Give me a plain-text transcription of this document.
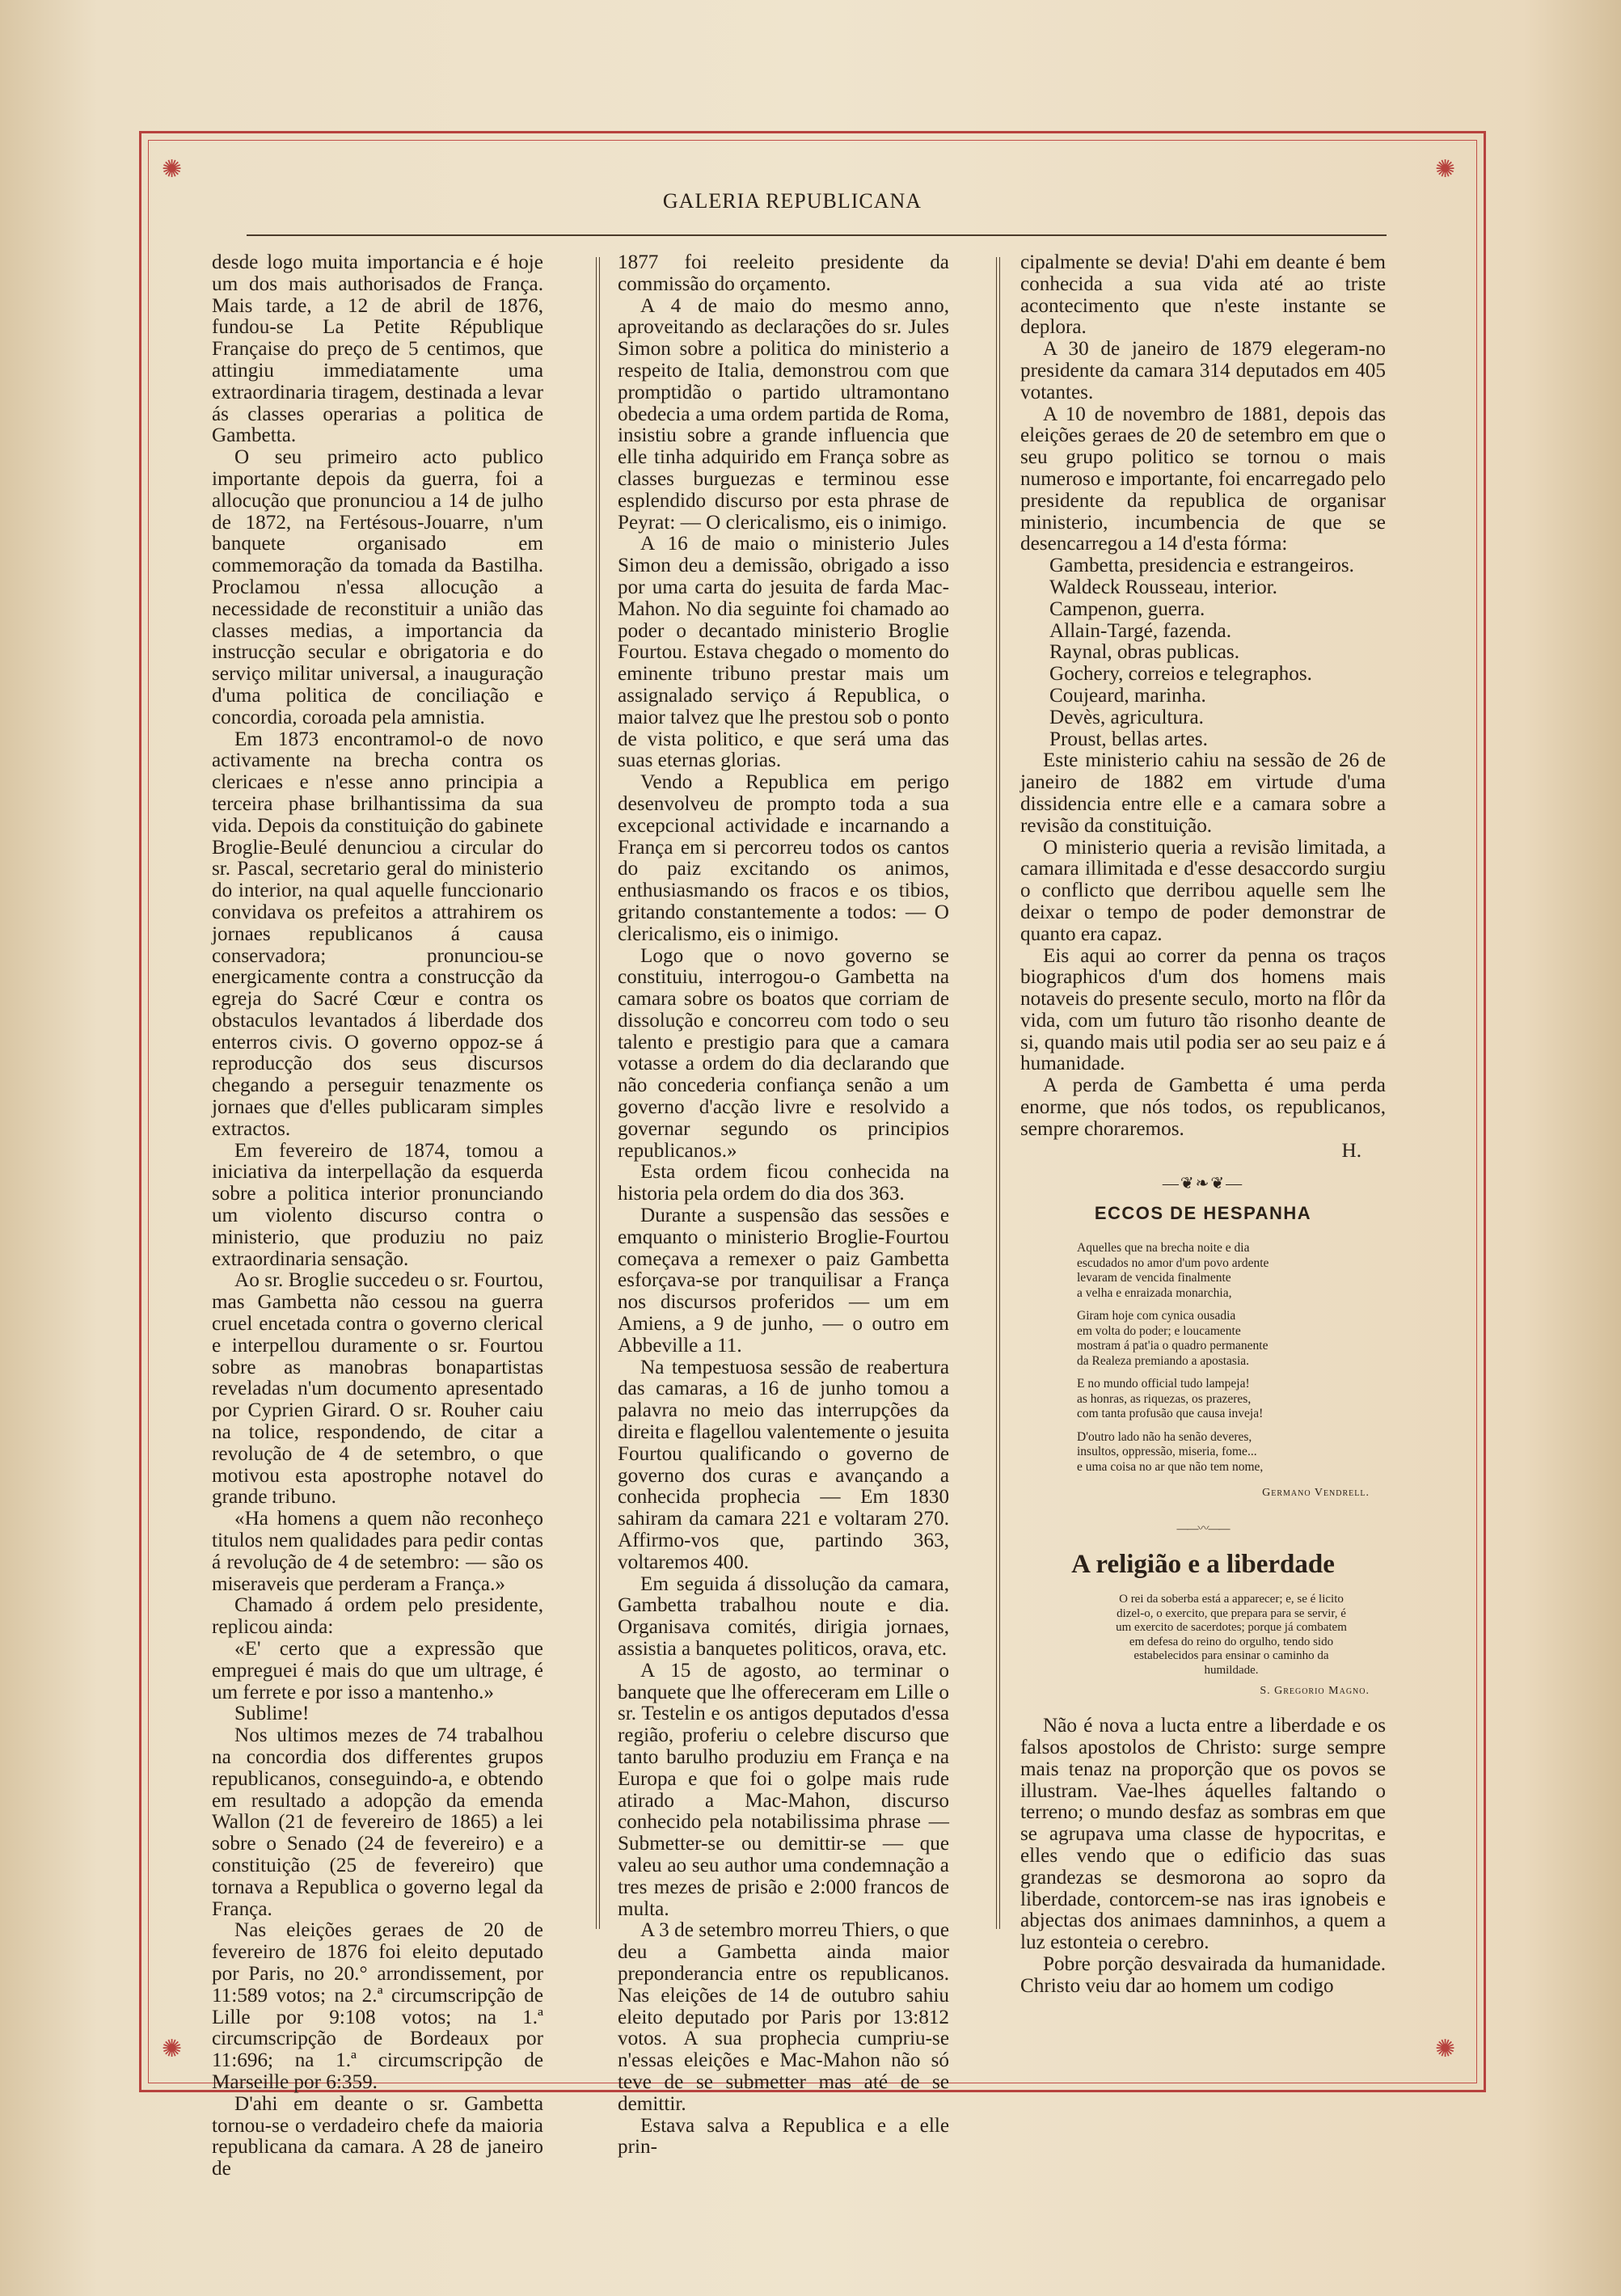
✺	✺
✺	✺
GALERIA REPUBLICANA

desde logo muita importancia e é hoje um dos mais authorisados de França. Mais tarde, a 12 de abril de 1876, fundou-se La Petite République Française do preço de 5 centimos, que attingiu immediatamente uma extraordinaria tiragem, destinada a levar ás classes operarias a politica de Gambetta.

O seu primeiro acto publico importante depois da guerra, foi a allocução que pronunciou a 14 de julho de 1872, na Fertésous-Jouarre, n'um banquete organisado em commemoração da tomada da Bastilha. Proclamou n'essa allocução a necessidade de reconstituir a união das classes medias, a importancia da instrucção secular e obrigatoria e do serviço militar universal, a inauguração d'uma politica de conciliação e concordia, coroada pela amnistia.

Em 1873 encontramol-o de novo activamente na brecha contra os clericaes e n'esse anno principia a terceira phase brilhantissima da sua vida. Depois da constituição do gabinete Broglie-Beulé denunciou a circular do sr. Pascal, secretario geral do ministerio do interior, na qual aquelle funccionario convidava os prefeitos a attrahirem os jornaes republicanos á causa conservadora; pronunciou-se energicamente contra a construcção da egreja do Sacré Cœur e contra os obstaculos levantados á liberdade dos enterros civis. O governo oppoz-se á reproducção dos seus discursos chegando a perseguir tenazmente os jornaes que d'elles publicaram simples extractos.

Em fevereiro de 1874, tomou a iniciativa da interpellação da esquerda sobre a politica interior pronunciando um violento discurso contra o ministerio, que produziu no paiz extraordinaria sensação.

Ao sr. Broglie succedeu o sr. Fourtou, mas Gambetta não cessou na guerra cruel encetada contra o governo clerical e interpellou duramente o sr. Fourtou sobre as manobras bonapartistas reveladas n'um documento apresentado por Cyprien Girard. O sr. Rouher caiu na tolice, respondendo, de citar a revolução de 4 de setembro, o que motivou esta apostrophe notavel do grande tribuno.

«Ha homens a quem não reconheço titulos nem qualidades para pedir contas á revolução de 4 de setembro: — são os miseraveis que perderam a França.»

Chamado á ordem pelo presidente, replicou ainda:

«E' certo que a expressão que empreguei é mais do que um ultrage, é um ferrete e por isso a mantenho.»

Sublime!

Nos ultimos mezes de 74 trabalhou na concordia dos differentes grupos republicanos, conseguindo-a, e obtendo em resultado a adopção da emenda Wallon (21 de fevereiro de 1865) a lei sobre o Senado (24 de fevereiro) e a constituição (25 de fevereiro) que tornava a Republica o governo legal da França.

Nas eleições geraes de 20 de fevereiro de 1876 foi eleito deputado por Paris, no 20.° arrondissement, por 11:589 votos; na 2.ª circumscripção de Lille por 9:108 votos; na 1.ª circumscripção de Bordeaux por 11:696; na 1.ª circumscripção de Marseille por 6:359.

D'ahi em deante o sr. Gambetta tornou-se o verdadeiro chefe da maioria republicana da camara. A 28 de janeiro de

1877 foi reeleito presidente da commissão do orçamento.

A 4 de maio do mesmo anno, aproveitando as declarações do sr. Jules Simon sobre a politica do ministerio a respeito de Italia, demonstrou com que promptidão o partido ultramontano obedecia a uma ordem partida de Roma, insistiu sobre a grande influencia que elle tinha adquirido em França sobre as classes burguezas e terminou esse esplendido discurso por esta phrase de Peyrat: — O clericalismo, eis o inimigo.

A 16 de maio o ministerio Jules Simon deu a demissão, obrigado a isso por uma carta do jesuita de farda Mac-Mahon. No dia seguinte foi chamado ao poder o decantado ministerio Broglie Fourtou. Estava chegado o momento do eminente tribuno prestar mais um assignalado serviço á Republica, o maior talvez que lhe prestou sob o ponto de vista politico, e que será uma das suas eternas glorias.

Vendo a Republica em perigo desenvolveu de prompto toda a sua excepcional actividade e incarnando a França em si percorreu todos os cantos do paiz excitando os animos, enthusiasmando os fracos e os tibios, gritando constantemente a todos: — O clericalismo, eis o inimigo.

Logo que o novo governo se constituiu, interrogou-o Gambetta na camara sobre os boatos que corriam de dissolução e concorreu com todo o seu talento e prestigio para que a camara votasse a ordem do dia declarando que não concederia confiança senão a um governo d'acção livre e resolvido a governar segundo os principios republicanos.»

Esta ordem ficou conhecida na historia pela ordem do dia dos 363.

Durante a suspensão das sessões e emquanto o ministerio Broglie-Fourtou começava a remexer o paiz Gambetta esforçava-se por tranquilisar a França nos discursos proferidos — um em Amiens, a 9 de junho, — o outro em Abbeville a 11.

Na tempestuosa sessão de reabertura das camaras, a 16 de junho tomou a palavra no meio das interrupções da direita e flagellou valentemente o jesuita Fourtou qualificando o governo de governo dos curas e avançando a conhecida prophecia — Em 1830 sahiram da camara 221 e voltaram 270. Affirmo-vos que, partindo 363, voltaremos 400.

Em seguida á dissolução da camara, Gambetta trabalhou noute e dia. Organisava comités, dirigia jornaes, assistia a banquetes politicos, orava, etc.

A 15 de agosto, ao terminar o banquete que lhe offereceram em Lille o sr. Testelin e os antigos deputados d'essa região, proferiu o celebre discurso que tanto barulho produziu em França e na Europa e que foi o golpe mais rude atirado a Mac-Mahon, discurso conhecido pela notabilissima phrase — Submetter-se ou demittir-se — que valeu ao seu author uma condemnação a tres mezes de prisão e 2:000 francos de multa.

A 3 de setembro morreu Thiers, o que deu a Gambetta ainda maior preponderancia entre os republicanos. Nas eleições de 14 de outubro sahiu eleito deputado por Paris por 13:812 votos. A sua prophecia cumpriu-se n'essas eleições e Mac-Mahon não só teve de se submetter mas até de se demittir.

Estava salva a Republica e a elle prin-

cipalmente se devia! D'ahi em deante é bem conhecida a sua vida até ao triste acontecimento que n'este instante se deplora.

A 30 de janeiro de 1879 elegeram-no presidente da camara 314 deputados em 405 votantes.

A 10 de novembro de 1881, depois das eleições geraes de 20 de setembro em que o seu grupo politico se tornou o mais numeroso e importante, foi encarregado pelo presidente da republica de organisar ministerio, incumbencia de que se desencarregou a 14 d'esta fórma:

Gambetta, presidencia e estrangeiros.

Waldeck Rousseau, interior.

Campenon, guerra.

Allain-Targé, fazenda.

Raynal, obras publicas.

Gochery, correios e telegraphos.

Coujeard, marinha.

Devès, agricultura.

Proust, bellas artes.

Este ministerio cahiu na sessão de 26 de janeiro de 1882 em virtude d'uma dissidencia entre elle e a camara sobre a revisão da constituição.

O ministerio queria a revisão limitada, a camara illimitada e d'esse desaccordo surgiu o conflicto que derribou aquelle sem lhe deixar o tempo de poder demonstrar de quanto era capaz.

Eis aqui ao correr da penna os traços biographicos d'um dos homens mais notaveis do presente seculo, morto na flôr da vida, com um futuro tão risonho deante de si, quando mais util podia ser ao seu paiz e á humanidade.

A perda de Gambetta é uma perda enorme, que nós todos, os republicanos, sempre choraremos.

H.

—❦❧❦—
ECCOS DE HESPANHA
Aquelles que na brecha noite e dia
escudados no amor d'um povo ardente
levaram de vencida finalmente
a velha e enraizada monarchia,
Giram hoje com cynica ousadia
em volta do poder; e loucamente
mostram á pat'ia o quadro permanente
da Realeza premiando a apostasia.
E no mundo official tudo lampeja!
as honras, as riquezas, os prazeres,
com tanta profusão que causa inveja!
D'outro lado não ha senão deveres,
insultos, oppressão, miseria, fome...
e uma coisa no ar que não tem nome,
Germano Vendrell.
——〰——
A religião e a liberdade
O rei da soberba está a apparecer; e, se é licito dizel-o, o exercito, que prepara para se servir, é um exercito de sacerdotes; porque já combatem em defesa do reino do orgulho, tendo sido estabelecidos para ensinar o caminho da humildade.
S. Gregorio Magno.

Não é nova a lucta entre a liberdade e os falsos apostolos de Christo: surge sempre mais tenaz na proporção que os povos se illustram. Vae-lhes áquelles faltando o terreno; o mundo desfaz as sombras em que se agrupava uma classe de hypocritas, e elles vendo que o edificio das suas grandezas se desmorona ao sopro da liberdade, contorcem-se nas iras ignobeis e abjectas dos animaes damninhos, a quem a luz estonteia o cerebro.

Pobre porção desvairada da humanidade. Christo veiu dar ao homem um codigo
